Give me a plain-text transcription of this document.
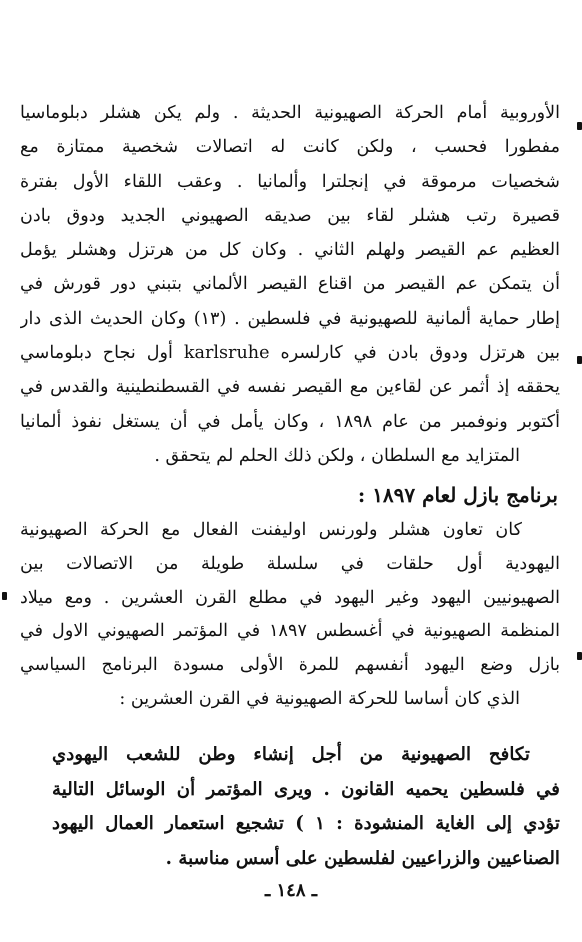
الأوروبية أمام الحركة الصهيونية الحديثة . ولم يكن هشلر دبلوماسيا
مفطورا فحسب ، ولكن كانت له اتصالات شخصية ممتازة مع
شخصيات مرموقة في إنجلترا وألمانيا . وعقب اللقاء الأول بفترة
قصيرة رتب هشلر لقاء بين صديقه الصهيوني الجديد ودوق بادن
العظيم عم القيصر ولهلم الثاني . وكان كل من هرتزل وهشلر يؤمل
أن يتمكن عم القيصر من اقناع القيصر الألماني بتبني دور قورش في
إطار حماية ألمانية للصهيونية في فلسطين . (١٣) وكان الحديث الذى دار
بين هرتزل ودوق بادن في كارلسره karlsruhe أول نجاح دبلوماسي
يحققه إذ أثمر عن لقاءين مع القيصر نفسه في القسطنطينية والقدس في
أكتوبر ونوفمبر من عام ١٨٩٨ ، وكان يأمل في أن يستغل نفوذ ألمانيا
المتزايد مع السلطان ، ولكن ذلك الحلم لم يتحقق .
برنامج بازل لعام ١٨٩٧ :
كان تعاون هشلر ولورنس اوليفنت الفعال مع الحركة الصهيونية
اليهودية أول حلقات في سلسلة طويلة من الاتصالات بين
الصهيونيين اليهود وغير اليهود في مطلع القرن العشرين . ومع ميلاد
المنظمة الصهيونية في أغسطس ١٨٩٧ في المؤتمر الصهيوني الاول في
بازل وضع اليهود أنفسهم للمرة الأولى مسودة البرنامج السياسي
الذي كان أساسا للحركة الصهيونية في القرن العشرين :
تكافح الصهيونية من أجل إنشاء وطن للشعب اليهودي
في فلسطين يحميه القانون . ويرى المؤتمر أن الوسائل التالية
تؤدي إلى الغاية المنشودة : ١ ) تشجيع استعمار العمال اليهود
الصناعيين والزراعيين لفلسطين على أسس مناسبة .
ـ ١٤٨ ـ
